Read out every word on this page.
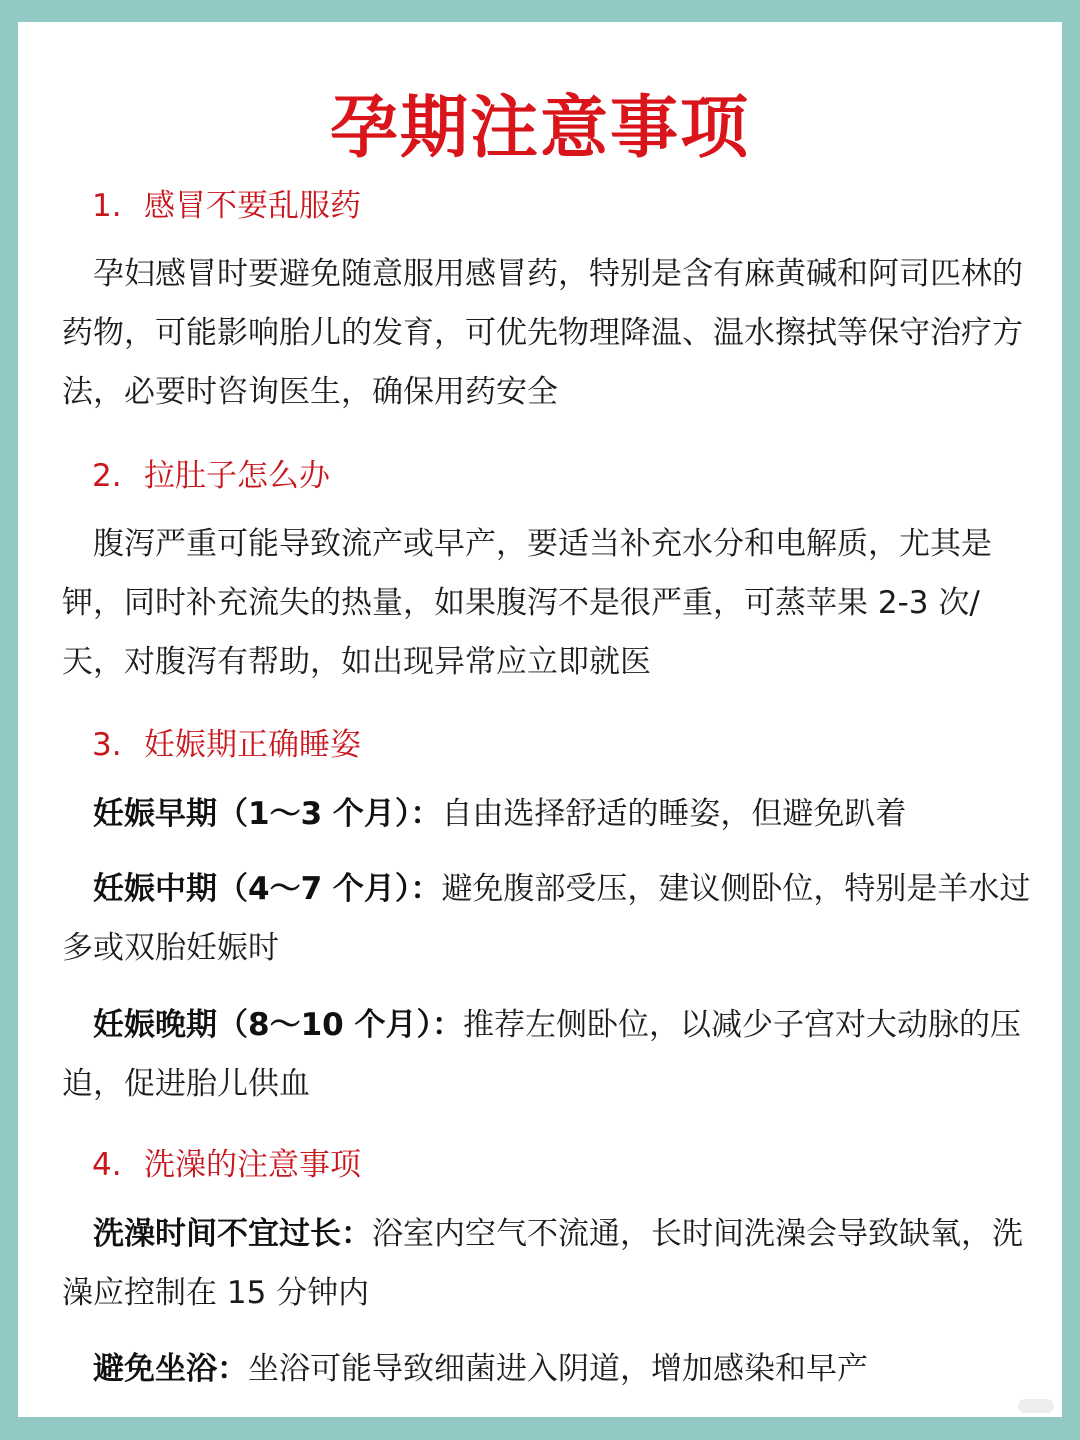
孕期注意事项
1. 感冒不要乱服药

孕妇感冒时要避免随意服用感冒药，特别是含有麻黄碱和阿司匹林的药物，可能影响胎儿的发育，可优先物理降温、温水擦拭等保守治疗方法，必要时咨询医生，确保用药安全

2. 拉肚子怎么办

腹泻严重可能导致流产或早产，要适当补充水分和电解质，尤其是钾，同时补充流失的热量，如果腹泻不是很严重，可蒸苹果 2-3 次/天，对腹泻有帮助，如出现异常应立即就医

3. 妊娠期正确睡姿

妊娠早期（1～3 个月）：自由选择舒适的睡姿，但避免趴着

妊娠中期（4～7 个月）：避免腹部受压，建议侧卧位，特别是羊水过多或双胎妊娠时

妊娠晚期（8～10 个月）：推荐左侧卧位，以减少子宫对大动脉的压迫，促进胎儿供血

4. 洗澡的注意事项

洗澡时间不宜过长：浴室内空气不流通，长时间洗澡会导致缺氧，洗澡应控制在 15 分钟内

避免坐浴：坐浴可能导致细菌进入阴道，增加感染和早产
